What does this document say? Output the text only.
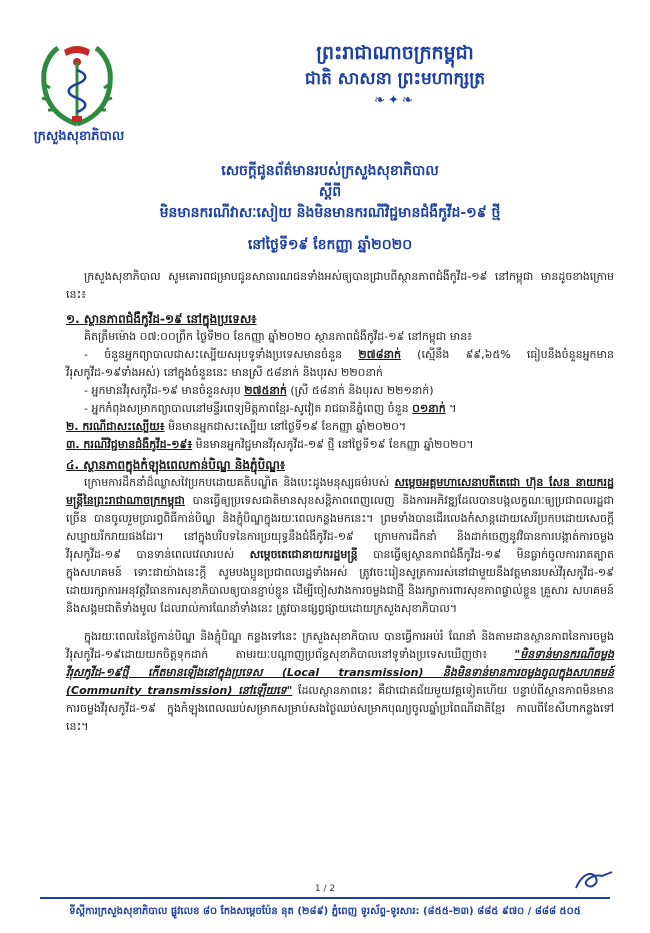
ក្រសួងសុខាភិបាល
ព្រះរាជាណាចក្រកម្ពុជា
ជាតិ សាសនា ព្រះមហាក្សត្រ
❧✦❧
សេចក្តីជូនព័ត៌មានរបស់ក្រសួងសុខាភិបាល
ស្តីពី
មិនមានករណីវាសៈសៀយ និងមិនមានករណីវិជ្ជមានជំងឺកូវីដ-១៩ ថ្មី
នៅថ្ងៃទី១៩ ខែកញ្ញា ឆ្នាំ២០២០

ក្រសួងសុខាភិបាល សូមគោរពជម្រាបជូនសាធារណជនទាំងអស់ឲ្យបានជ្រាបពីស្ថានភាពជំងឺកូវីដ-១៩ នៅកម្ពុជា មានដូចខាងក្រោមនេះ៖

១. ស្ថានភាពជំងឺកូវីដ-១៩ នៅក្នុងប្រទេស៖

គិតត្រឹមម៉ោង ០៧:០០ព្រឹក ថ្ងៃទី២០ ខែកញ្ញា ឆ្នាំ២០២០ ស្ថានភាពជំងឺកូវីដ-១៩ នៅកម្ពុជា មាន៖

- ចំនួនអ្នកព្យាបាលជាសះស្បើយសរុបទូទាំងប្រទេសមានចំនួន ២៧៨នាក់ (ស្មើនឹង ៩៩,៦៥% ធៀបនឹងចំនួនអ្នកមានវីរុសកូវីដ-១៩ទាំងអស់) នៅក្នុងចំនួននេះ មានស្រី ៥៨នាក់ និងបុរស ២២០នាក់

- អ្នកមានវីរុសកូវីដ-១៩ មានចំនួនសរុប ២៧៥នាក់ (ស្រី ៥៨នាក់ និងបុរស ២២១នាក់)

- អ្នកកំពុងសម្រាកព្យាបាលនៅមន្ទីរពេទ្យមិត្តភាពខ្មែរ-សូវៀត រាជធានីភ្នំពេញ ចំនួន ០១នាក់ ។

២. ករណីជាសះស្បើយ៖ មិនមានអ្នកជាសះស្បើយ នៅថ្ងៃទី១៩ ខែកញ្ញា ឆ្នាំ២០២០។

៣. ករណីវិជ្ជមានជំងឺកូវីដ-១៩៖ មិនមានអ្នកវិជ្ជមានវីរុសកូវីដ-១៩ ថ្មី នៅថ្ងៃទី១៩ ខែកញ្ញា ឆ្នាំ២០២០។

៤. ស្ថានភាពក្នុងកំឡុងពេលកាន់បិណ្ឌ និងភ្ជុំបិណ្ឌ៖

ក្រោមការដឹកនាំដ៏ឈ្លាសវៃប្រកបដោយគតិបណ្ឌិត និងបេះដូងមនុស្សធម៌របស់ សម្តេចអគ្គមហាសេនាបតីតេជោ ហ៊ុន សែន នាយករដ្ឋមន្ត្រីនៃព្រះរាជាណាចក្រកម្ពុជា បានធ្វើឲ្យប្រទេសជាតិមានសុខសន្តិភាពពេញលេញ និងការអភិវឌ្ឍដែលបានបង្កលក្ខណៈឲ្យប្រជាពលរដ្ឋជាច្រើន បានចូលរួមប្រារព្ធពិធីកាន់បិណ្ឌ និងភ្ជុំបិណ្ឌក្នុងរយៈពេលកន្លងមកនេះ។ ព្រមទាំងបានដើរលេងកំសាន្តដោយសេរីប្រកបដោយសេចក្តីសប្បាយរីករាយផងដែរ។ នៅក្នុងបរិបទនៃការប្រយុទ្ធនឹងជំងឺកូវីដ-១៩ ក្រោមការដឹកនាំ និងដាក់ចេញនូវវិធានការបង្កាត់ការចម្លងវីរុសកូវីដ-១៩ បានទាន់ពេលវេលារបស់ សម្តេចតេជោនាយករដ្ឋមន្ត្រី បានធ្វើឲ្យស្ថានភាពជំងឺកូវីដ-១៩ មិនធ្លាក់ចូលការរាតត្បាតក្នុងសហគមន៍ ទោះជាយ៉ាងនេះក្តី សូមបងប្អូនប្រជាពលរដ្ឋទាំងអស់ ត្រូវចេះរៀនសូត្រការរស់នៅជាមួយនឹងវត្តមានរបស់វីរុសកូវីដ-១៩ ដោយរក្សាការអនុវត្តវិធានការសុខាភិបាលឲ្យបានខ្ជាប់ខ្ជួន ដើម្បីចៀសវាងការចម្លងជាថ្មី និងរក្សាការពារសុខភាពផ្ទាល់ខ្លួន គ្រួសារ សហគមន៍ និងសង្គមជាតិទាំងមូល ដែលរាល់ការណែនាំទាំងនេះ ត្រូវបានផ្សព្វផ្សាយដោយក្រសួងសុខាភិបាល។

ក្នុងរយៈពេលនៃថ្ងៃកាន់បិណ្ឌ និងភ្ជុំបិណ្ឌ កន្លងទៅនេះ ក្រសួងសុខាភិបាល បានធ្វើការអប់រំ ណែនាំ និងតាមដានស្ថានភាពនៃការចម្លងវីរុសកូវីដ-១៩ដោយយកចិត្តទុកដាក់ តាមរយៈបណ្តាញប្រព័ន្ធសុខាភិបាលនៅទូទាំងប្រទេសឃើញថា៖ "មិនទាន់មានករណីចម្លងវីរុសកូវីដ-១៩ថ្មី កើតមានឡើងនៅក្នុងប្រទេស (Local transmission) និងមិនទាន់មានការចម្លងចូលក្នុងសហគមន៍ (Community transmission) នៅឡើយទេ" ដែលស្ថានភាពនេះ គឺជាជោគជ័យមួយវគ្គទៀតហើយ បន្ទាប់ពីស្ថានភាពមិនមានការចម្លងវីរុសកូវីដ-១៩ ក្នុងកំឡុងពេលឈប់សម្រាកសម្រាប់សងថ្ងៃឈប់សម្រាកបុណ្យចូលឆ្នាំប្រពៃណីជាតិខ្មែរ កាលពីខែសីហាកន្លងទៅនេះ។

1 / 2
ទីស្តីការក្រសួងសុខាភិបាល ផ្លូវលេខ ៨០ កែងសម្តេចប៉ែន នុត (២៨៩) ភ្នំពេញ ទូរស័ព្ទ-ទូរសារ: (៨៥៥-២៣) ៨៨៥ ៩៧០ / ៨៨៨ ៥០៥
